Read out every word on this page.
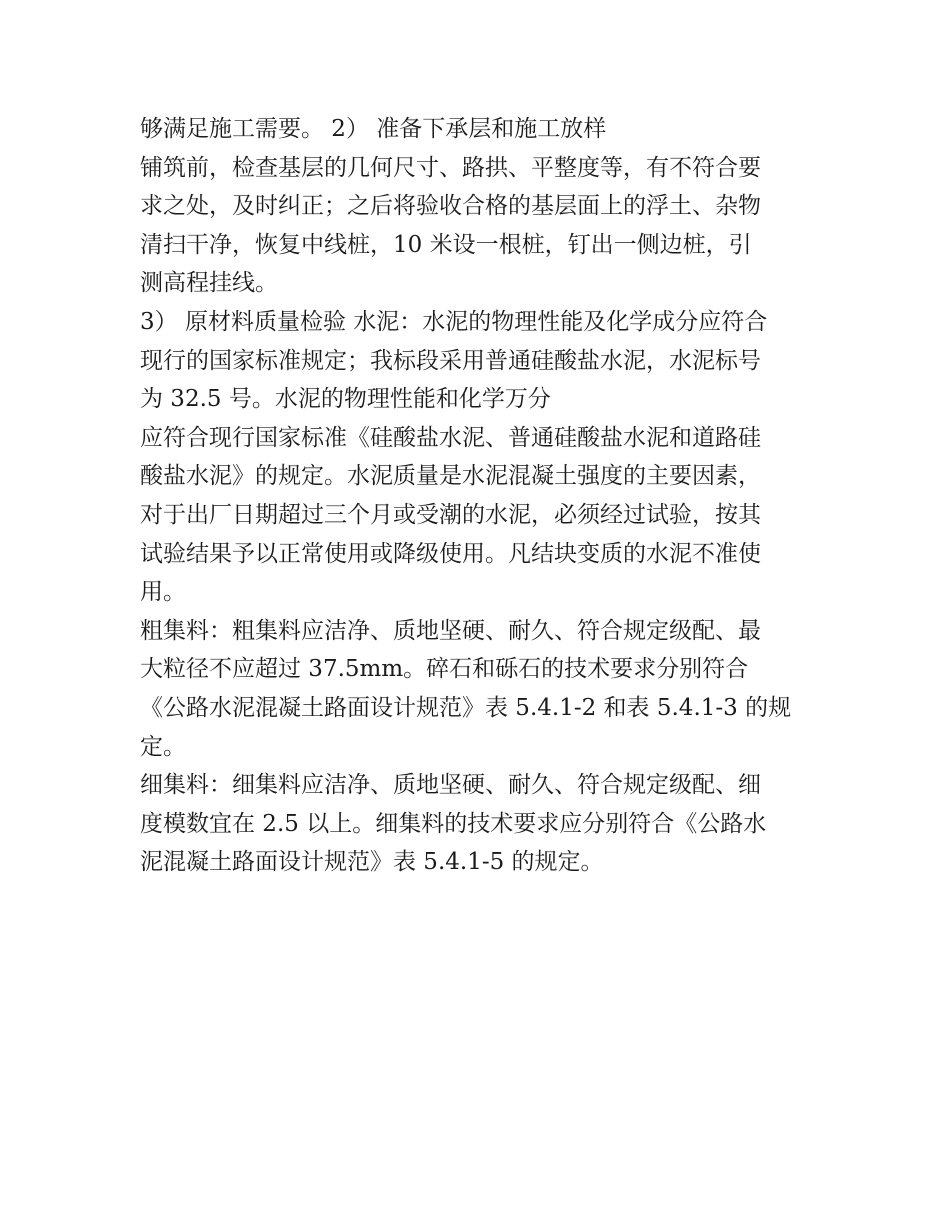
够满足施工需要。 2） 准备下承层和施工放样

铺筑前，检查基层的几何尺寸、路拱、平整度等，有不符合要

求之处，及时纠正；之后将验收合格的基层面上的浮土、杂物

清扫干净，恢复中线桩，10 米设一根桩，钉出一侧边桩，引

测高程挂线。

3） 原材料质量检验 水泥：水泥的物理性能及化学成分应符合

现行的国家标准规定；我标段采用普通硅酸盐水泥，水泥标号

为 32.5 号。水泥的物理性能和化学万分

应符合现行国家标准《硅酸盐水泥、普通硅酸盐水泥和道路硅

酸盐水泥》的规定。水泥质量是水泥混凝土强度的主要因素，

对于出厂日期超过三个月或受潮的水泥，必须经过试验，按其

试验结果予以正常使用或降级使用。凡结块变质的水泥不准使

用。

粗集料：粗集料应洁净、质地坚硬、耐久、符合规定级配、最

大粒径不应超过 37.5mm。碎石和砾石的技术要求分别符合

《公路水泥混凝土路面设计规范》表 5.4.1-2 和表 5.4.1-3 的规

定。

细集料：细集料应洁净、质地坚硬、耐久、符合规定级配、细

度模数宜在 2.5 以上。细集料的技术要求应分别符合《公路水

泥混凝土路面设计规范》表 5.4.1-5 的规定。
